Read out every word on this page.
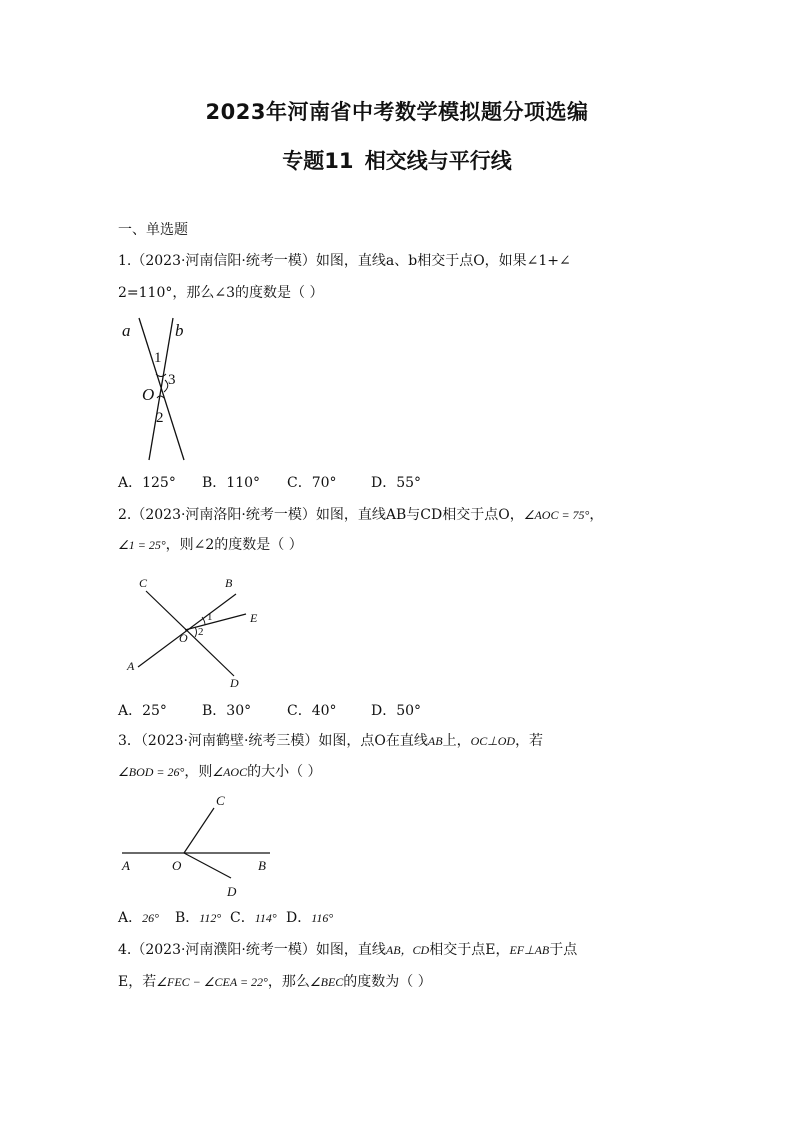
2023年河南省中考数学模拟题分项选编
专题11 相交线与平行线
一、单选题
1.（2023·河南信阳·统考一模）如图，直线a、b相交于点O，如果∠1+∠
2=110°，那么∠3的度数是（ ）
a	b
1
3
O
2
A．125° B．110° C．70° D．55°
2.（2023·河南洛阳·统考一模）如图，直线AB与CD相交于点O，∠AOC = 75°，
∠1 = 25°，则∠2的度数是（ ）
C	B
1	E
O 2
A
D
A．25°	B．30°	C．40° D．50°
3．（2023·河南鹤壁·统考三模）如图，点O在直线AB上，OC⊥OD，若
∠BOD = 26°，则∠AOC的大小（ ）
C
A	O	B
D
A．26° B．112° C．114° D．116°
4.（2023·河南濮阳·统考一模）如图，直线AB，CD相交于点E，EF⊥AB于点
E，若∠FEC − ∠CEA = 22°，那么∠BEC的度数为（ ）
